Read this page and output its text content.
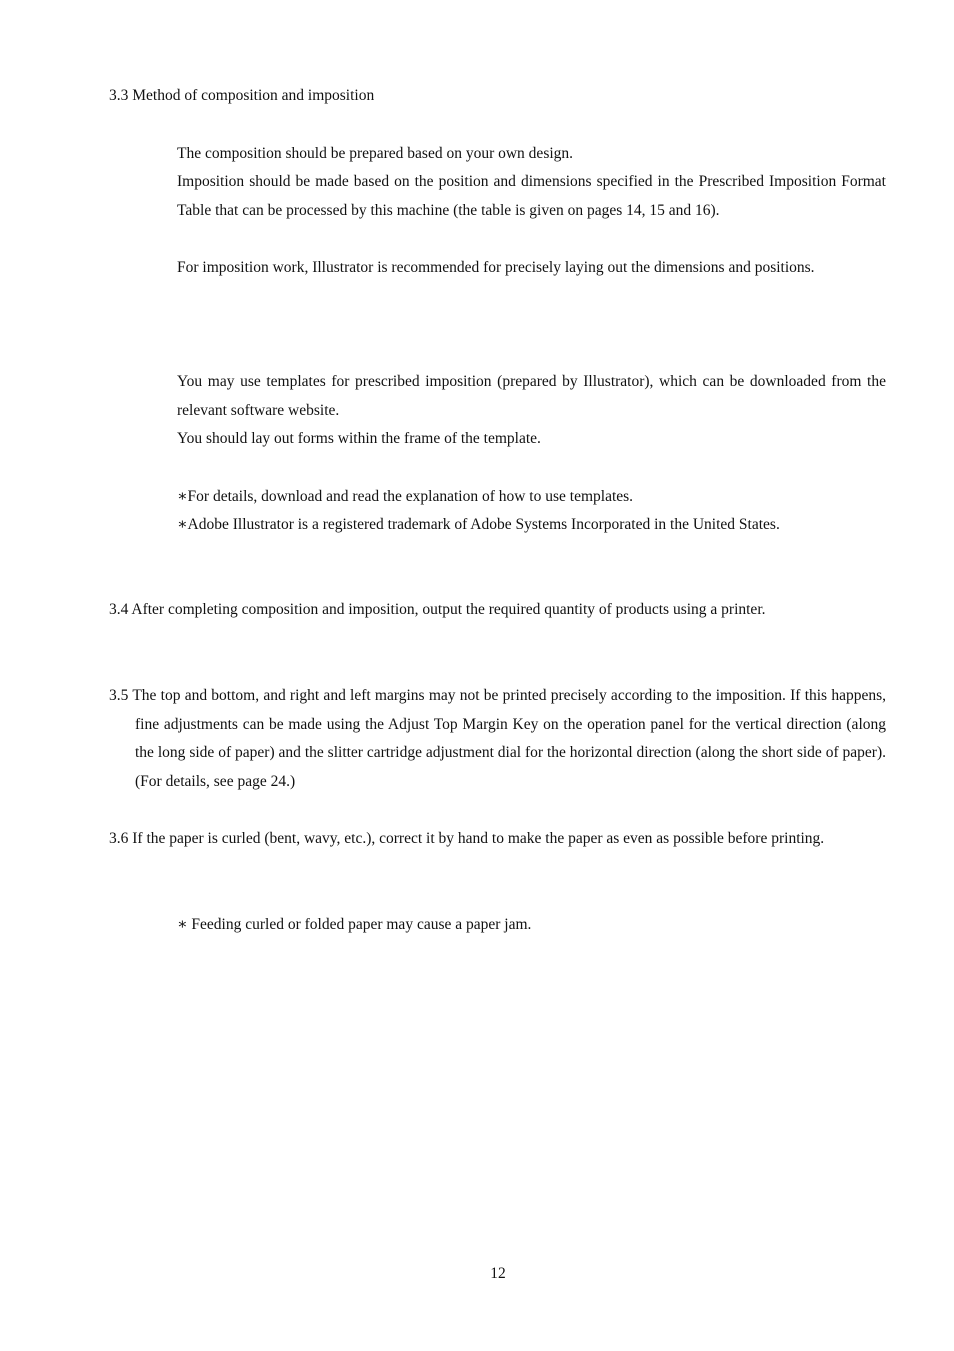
3.3 Method of composition and imposition
The composition should be prepared based on your own design.
Imposition should be made based on the position and dimensions specified in the Prescribed Imposition Format Table that can be processed by this machine (the table is given on pages 14, 15 and 16).
For imposition work, Illustrator is recommended for precisely laying out the dimensions and positions.
You may use templates for prescribed imposition (prepared by Illustrator), which can be downloaded from the relevant software website.
You should lay out forms within the frame of the template.
∗For details, download and read the explanation of how to use templates.
∗Adobe Illustrator is a registered trademark of Adobe Systems Incorporated in the United States.
3.4 After completing composition and imposition, output the required quantity of products using a printer.
3.5 The top and bottom, and right and left margins may not be printed precisely according to the imposition. If this happens, fine adjustments can be made using the Adjust Top Margin Key on the operation panel for the vertical direction (along the long side of paper) and the slitter cartridge adjustment dial for the horizontal direction (along the short side of paper). (For details, see page 24.)
3.6 If the paper is curled (bent, wavy, etc.), correct it by hand to make the paper as even as possible before printing.
∗ Feeding curled or folded paper may cause a paper jam.
12
